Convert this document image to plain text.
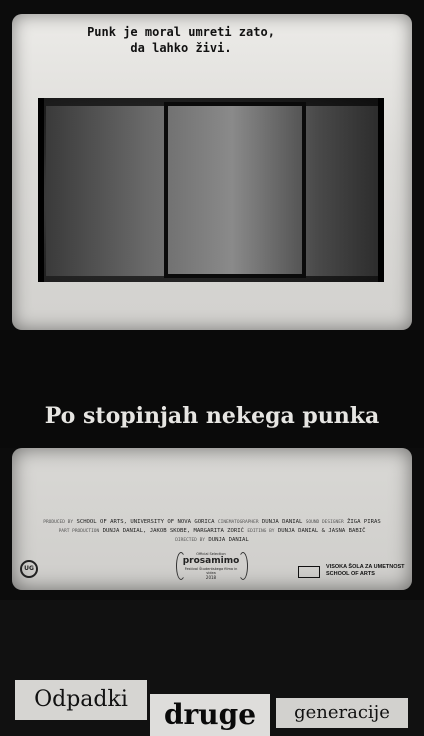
Punk je moral umreti zato,
da lahko živi.
Odpadki	druge	generacije
Po stopinjah nekega punka
PRODUCED BY SCHOOL OF ARTS, UNIVERSITY OF NOVA GORICA CINEMATOGRAPHER DUNJA DANIAL SOUND DESIGNER ŽIGA PIRAS
PART PRODUCTION DUNJA DANIAL, JAKOB SKOBE, MARGARITA ZORIĆ EDITING BY DUNJA DANIAL & JASNA BABIČ
DIRECTED BY DUNJA DANIAL
UG
Official Selection
prosamimo
Festival Študentskega filma in videa
2018
VISOKA ŠOLA ZA UMETNOST
SCHOOL OF ARTS
